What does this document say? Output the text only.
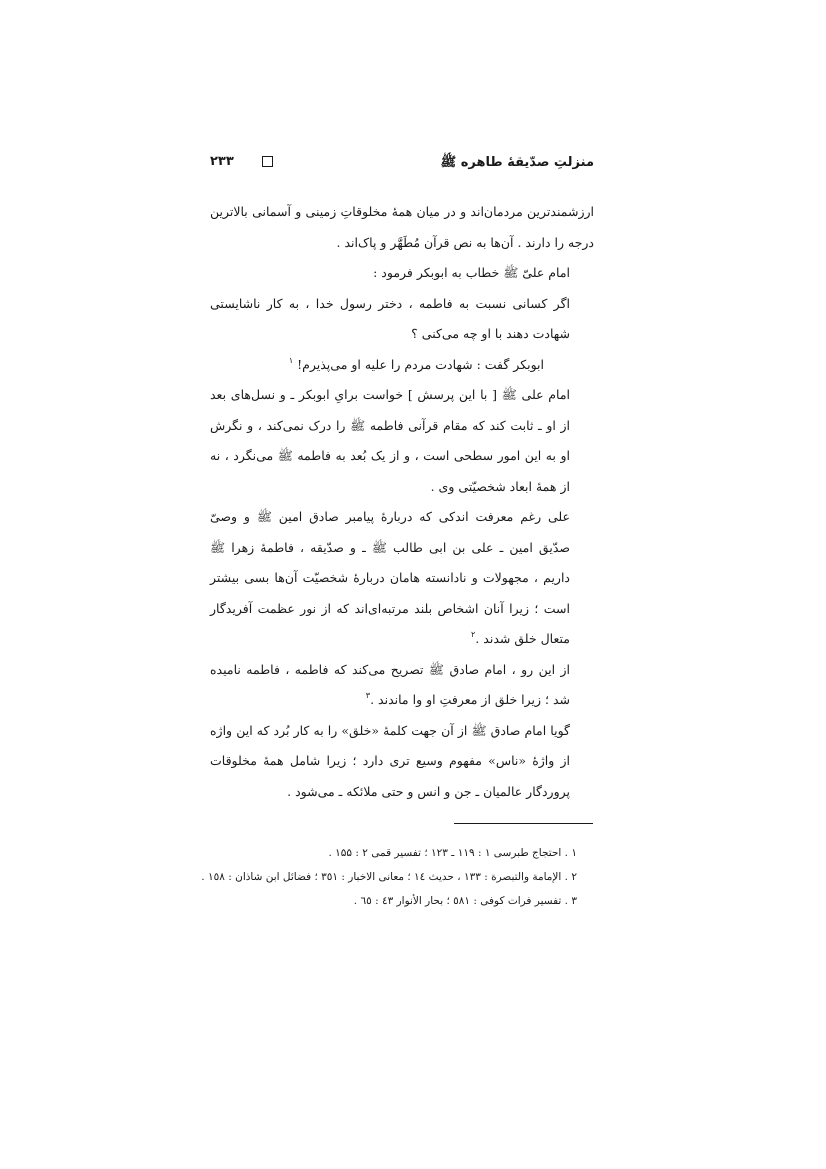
منزلتِ صدّیقۀ طاهره ﷺ
۲۳۳

ارزشمندترین مردمان‌اند و در میان همۀ مخلوقاتِ زمینی و آسمانی بالاترین درجه را دارند . آن‌ها به نص قرآن مُطَهَّر و پاک‌اند .

امام علیّ ﷺ خطاب به ابوبکر فرمود :

اگر کسانی نسبت به فاطمه ، دختر رسول خدا ، به کار ناشایستی شهادت دهند با او چه می‌کنی ؟

ابوبکر گفت : شهادت مردم را علیه او می‌پذیرم! $^۱$

امام علی ﷺ [ با این پرسش ] خواست برایِ ابوبکر ـ و نسل‌های بعد از او ـ ثابت کند که مقام قرآنی فاطمه ﷺ را درک نمی‌کند ، و نگرش او به این امور سطحی است ، و از یک بُعد به فاطمه ﷺ می‌نگرد ، نه از همۀ ابعاد شخصیّتی وی .

علی رغم معرفت اندکی که دربارۀ پیامبر صادق امین ﷺ و وصیّ صدّیق امین ـ علی بن ابی طالب ﷺ ـ و صدّیقه ، فاطمۀ زهرا ﷺ داریم ، مجهولات و نادانسته هامان دربارۀ شخصیّت آن‌ها بسی بیشتر است ؛ زیرا آنان اشخاص بلند مرتبه‌ای‌اند که از نور عظمت آفریدگار متعال خلق شدند .$^۲$

از این رو ، امام صادق ﷺ تصریح می‌کند که فاطمه ، فاطمه نامیده شد ؛ زیرا خلق از معرفتِ او وا ماندند .$^۳$

گویا امام صادق ﷺ از آن جهت کلمۀ «خلق» را به کار بُرد که این واژه از واژۀ «ناس» مفهوم وسیع تری دارد ؛ زیرا شامل همۀ مخلوقات پروردگار عالمیان ـ جن و انس و حتی ملائکه ـ می‌شود .

۱ . احتجاج طبرسی ۱ : ۱۱۹ ـ ۱۲۳ ؛ تفسیر قمی ۲ : ۱۵۵ .
۲ . الإمامة والتبصرة : ۱۳۳ ، حدیث ۱٤ ؛ معانی الاخبار : ۳٥۱ ؛ فضائل ابن شاذان : ۱٥۸ .
۳ . تفسیر فرات کوفی : ٥۸۱ ؛ بحار الأنوار ٤۳ : ٦٥ .
